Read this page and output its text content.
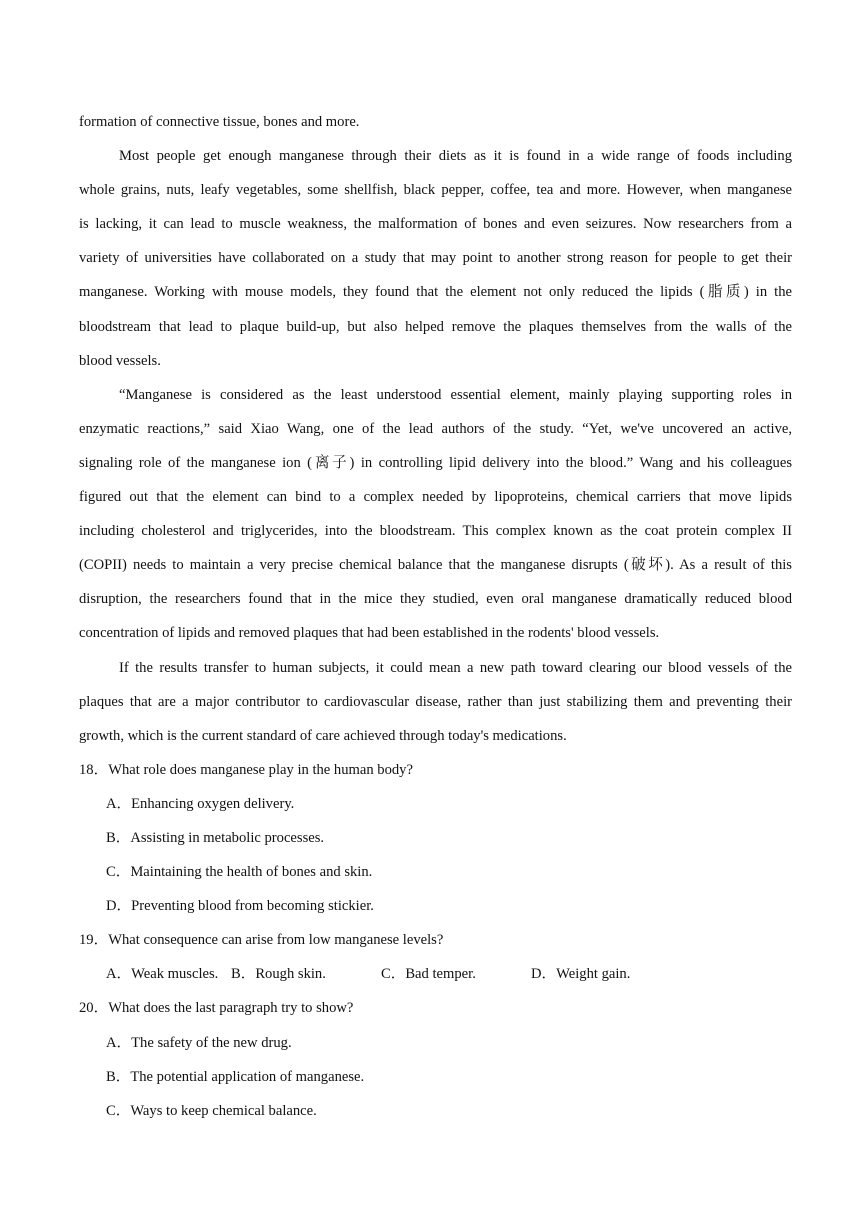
formation of connective tissue, bones and more.
Most people get enough manganese through their diets as it is found in a wide range of foods including
whole grains, nuts, leafy vegetables, some shellfish, black pepper, coffee, tea and more. However, when manganese
is lacking, it can lead to muscle weakness, the malformation of bones and even seizures. Now researchers from a
variety of universities have collaborated on a study that may point to another strong reason for people to get their
manganese. Working with mouse models, they found that the element not only reduced the lipids (脂质) in the
bloodstream that lead to plaque build-up, but also helped remove the plaques themselves from the walls of the
blood vessels.
“Manganese is considered as the least understood essential element, mainly playing supporting roles in
enzymatic reactions,” said Xiao Wang, one of the lead authors of the study. “Yet, we've uncovered an active,
signaling role of the manganese ion (离子) in controlling lipid delivery into the blood.” Wang and his colleagues
figured out that the element can bind to a complex needed by lipoproteins, chemical carriers that move lipids
including cholesterol and triglycerides, into the bloodstream. This complex known as the coat protein complex II
(COPII) needs to maintain a very precise chemical balance that the manganese disrupts (破坏). As a result of this
disruption, the researchers found that in the mice they studied, even oral manganese dramatically reduced blood
concentration of lipids and removed plaques that had been established in the rodents' blood vessels.
If the results transfer to human subjects, it could mean a new path toward clearing our blood vessels of the
plaques that are a major contributor to cardiovascular disease, rather than just stabilizing them and preventing their
growth, which is the current standard of care achieved through today's medications.
18．What role does manganese play in the human body?
A．Enhancing oxygen delivery.
B．Assisting in metabolic processes.
C．Maintaining the health of bones and skin.
D．Preventing blood from becoming stickier.
19．What consequence can arise from low manganese levels?
A．Weak muscles. B．Rough skin.	C．Bad temper.	D．Weight gain.
20．What does the last paragraph try to show?
A．The safety of the new drug.
B．The potential application of manganese.
C．Ways to keep chemical balance.
